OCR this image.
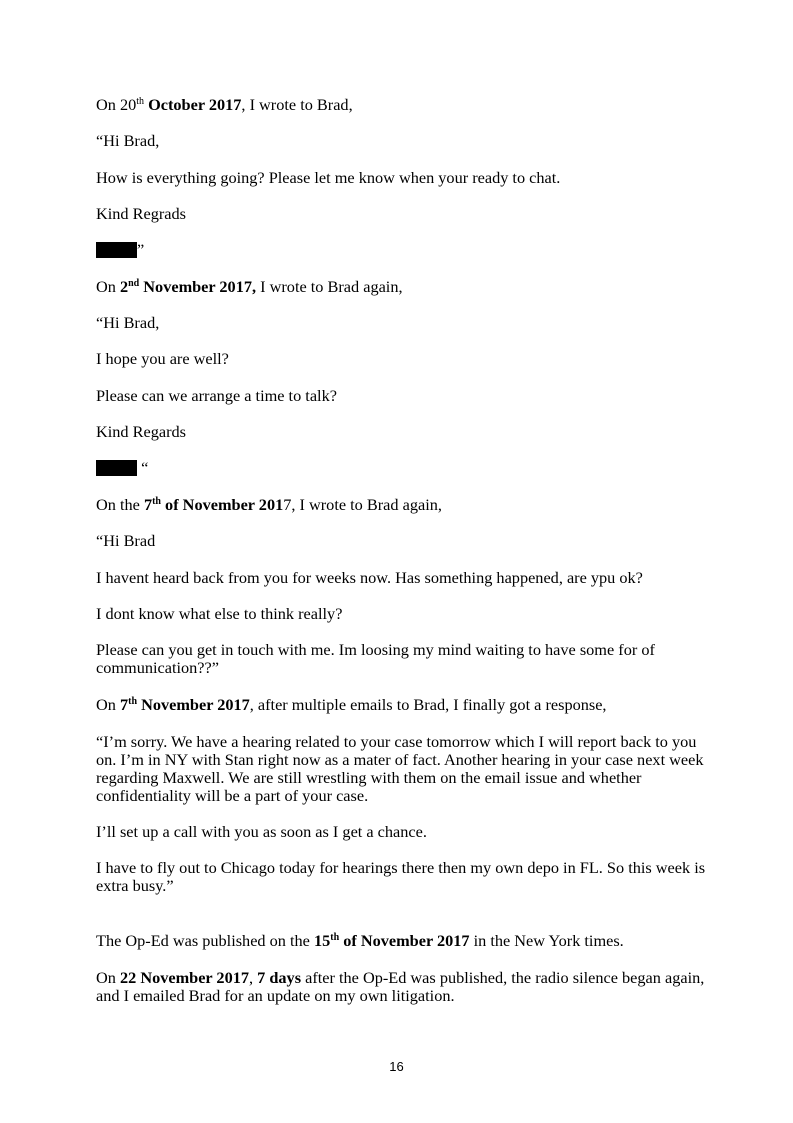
On 20th October 2017, I wrote to Brad,
“Hi Brad,
How is everything going? Please let me know when your ready to chat.
Kind Regrads
”
On 2nd November 2017, I wrote to Brad again,
“Hi Brad,
I hope you are well?
Please can we arrange a time to talk?
Kind Regards
“
On the 7th of November 2017, I wrote to Brad again,
“Hi Brad
I havent heard back from you for weeks now. Has something happened, are ypu ok?
I dont know what else to think really?
Please can you get in touch with me. Im loosing my mind waiting to have some for of communication??”
On 7th November 2017, after multiple emails to Brad, I finally got a response,
“I’m sorry. We have a hearing related to your case tomorrow which I will report back to you on. I’m in NY with Stan right now as a mater of fact. Another hearing in your case next week regarding Maxwell. We are still wrestling with them on the email issue and whether confidentiality will be a part of your case.
I’ll set up a call with you as soon as I get a chance.
I have to fly out to Chicago today for hearings there then my own depo in FL. So this week is extra busy.”
The Op-Ed was published on the 15th of November 2017 in the New York times.
On 22 November 2017, 7 days after the Op-Ed was published, the radio silence began again, and I emailed Brad for an update on my own litigation.
16
